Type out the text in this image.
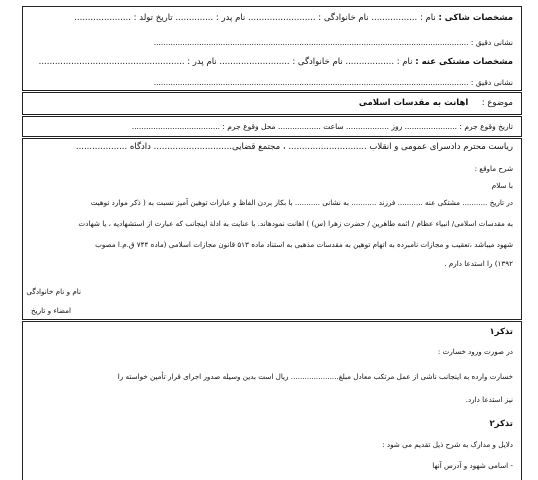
مشخصات شاکی : نام : ................. نام خانوادگی : ......................... نام پدر : .............. تاریخ تولد : .....................
نشانی دقیق : ....................................................................................................................................
مشخصات مشتکی عنه : نام : .................. نام خانوادگی : .......................... نام پدر : ......................................................
نشانی دقیق : ....................................................................................................................................
موضوع :     اهانت به مقدسات اسلامی
تاریخ وقوع جرم : ...................... روز .................. ساعت .................. محل وقوع جرم : .....................................
ریاست محترم دادسرای عمومی و انقلاب ............................. ، مجتمع قضایی............................. دادگاه ...................
شرح ماوقع :
با سلام
در تاریخ ........... مشتکی عنه ........... فرزند ........... به نشانی ........... با بکار بردن الفاظ و عبارات توهین آمیز نسبت به ( ذکر موارد توهیت
به مقدسات اسلامی/ انبیاء عظام / ائمه طاهرین / حضرت زهرا (س) ) اهانت نمودهاند. با عنایت به ادلة اینجانب که عبارت از استشهادیه ، یا شهادت
شهود میباشد ،تعقیب و مجازات نامبرده به اتهام توهین به مقدسات مذهبی به استناد ماده ۵۱۳ قانون مجازات اسلامی (ماده ۷۴۴ ق.م.ا مصوب
۱۳۹۲) را استدعا دارم .
نام و نام خانوادگی
امضاء و تاریخ
تذکر۱
در صورت ورود خسارت :
خسارت وارده به اینجانب ناشی از عمل مرتکب معادل مبلغ..................... ریال است بدین وسیله صدور اجرای قرار تأمین خواسته را
نیز استدعا دارد.
تذکر۲
دلایل و مدارک به شرح ذیل تقدیم می شود :
- اسامی شهود و آدرس آنها
